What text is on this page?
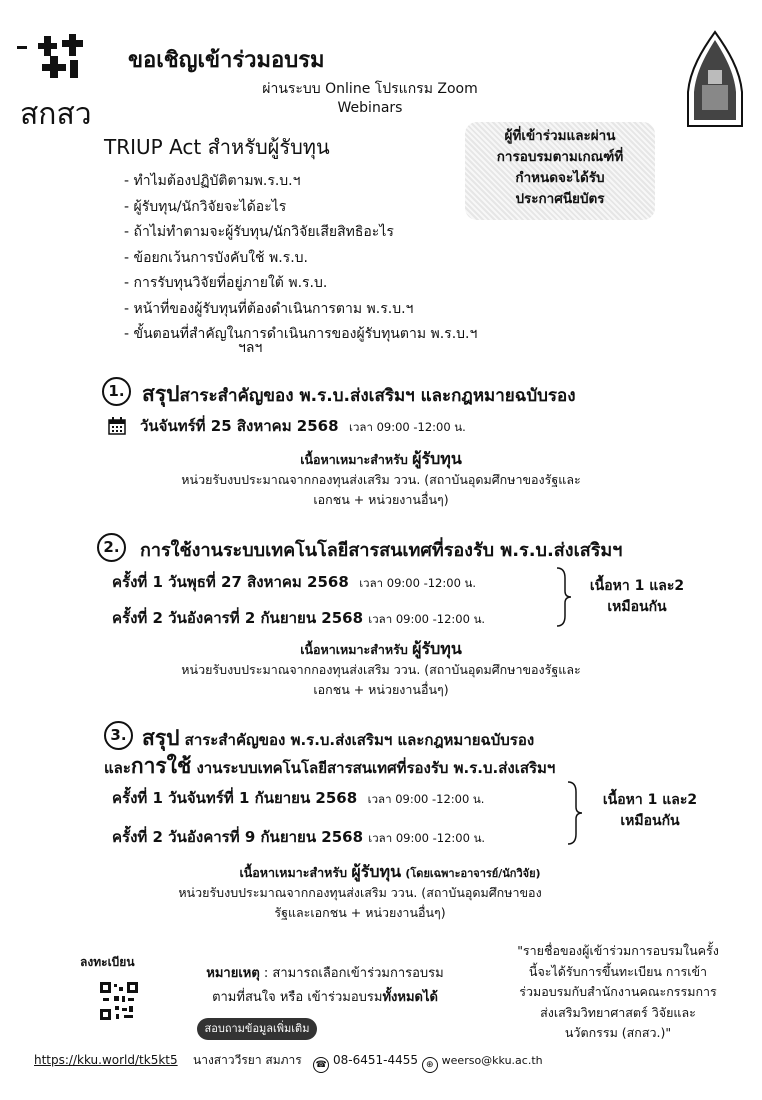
สกสว
ขอเชิญเข้าร่วมอบรม
ผ่านระบบ Online โปรแกรม Zoom
Webinars
TRIUP Act สำหรับผู้รับทุน	ผู้ที่เข้าร่วมและผ่าน
การอบรมตามเกณฑ์ที่
กำหนดจะได้รับ
ประกาศนียบัตร
- ทำไมต้องปฏิบัติตามพ.ร.บ.ฯ
- ผู้รับทุน/นักวิจัยจะได้อะไร
- ถ้าไม่ทำตามจะผู้รับทุน/นักวิจัยเสียสิทธิอะไร
- ข้อยกเว้นการบังคับใช้ พ.ร.บ.
- การรับทุนวิจัยที่อยู่ภายใต้ พ.ร.บ.
- หน้าที่ของผู้รับทุนที่ต้องดำเนินการตาม พ.ร.บ.ฯ
- ขั้นตอนที่สำคัญในการดำเนินการของผู้รับทุนตาม พ.ร.บ.ฯ
ฯลฯ
1. สรุปสาระสำคัญของ พ.ร.บ.ส่งเสริมฯ และกฎหมายฉบับรอง
วันจันทร์ที่ 25 สิงหาคม 2568 เวลา 09:00 -12:00 น.
เนื้อหาเหมาะสำหรับ ผู้รับทุน
หน่วยรับงบประมาณจากกองทุนส่งเสริม ววน. (สถาบันอุดมศึกษาของรัฐและ
เอกชน + หน่วยงานอื่นๆ)
2.	การใช้งานระบบเทคโนโลยีสารสนเทศที่รองรับ พ.ร.บ.ส่งเสริมฯ
ครั้งที่ 1 วันพุธที่ 27 สิงหาคม 2568 เวลา 09:00 -12:00 น.
ครั้งที่ 2 วันอังคารที่ 2 กันยายน 2568 เวลา 09:00 -12:00 น.
เนื้อหา 1 และ2
เหมือนกัน
เนื้อหาเหมาะสำหรับ ผู้รับทุน
หน่วยรับงบประมาณจากกองทุนส่งเสริม ววน. (สถาบันอุดมศึกษาของรัฐและ
เอกชน + หน่วยงานอื่นๆ)
3. สรุป สาระสำคัญของ พ.ร.บ.ส่งเสริมฯ และกฎหมายฉบับรอง
และการใช้ งานระบบเทคโนโลยีสารสนเทศที่รองรับ พ.ร.บ.ส่งเสริมฯ
ครั้งที่ 1 วันจันทร์ที่ 1 กันยายน 2568 เวลา 09:00 -12:00 น.
ครั้งที่ 2 วันอังคารที่ 9 กันยายน 2568 เวลา 09:00 -12:00 น.
เนื้อหา 1 และ2
เหมือนกัน
เนื้อหาเหมาะสำหรับ ผู้รับทุน (โดยเฉพาะอาจารย์/นักวิจัย)
หน่วยรับงบประมาณจากกองทุนส่งเสริม ววน. (สถาบันอุดมศึกษาของ
รัฐและเอกชน + หน่วยงานอื่นๆ)
ลงทะเบียน
https://kku.world/tk5kt5
หมายเหตุ : สามารถเลือกเข้าร่วมการอบรม
ตามที่สนใจ หรือ เข้าร่วมอบรมทั้งหมดได้
สอบถามข้อมูลเพิ่มเติม
นางสาววีรยา สมภาร ☎ 08-6451-4455 ⊕ weerso@kku.ac.th
"รายชื่อของผู้เข้าร่วมการอบรมในครั้ง
นี้จะได้รับการขึ้นทะเบียน การเข้า
ร่วมอบรมกับสำนักงานคณะกรรมการ
ส่งเสริมวิทยาศาสตร์ วิจัยและ
นวัตกรรม (สกสว.)"
